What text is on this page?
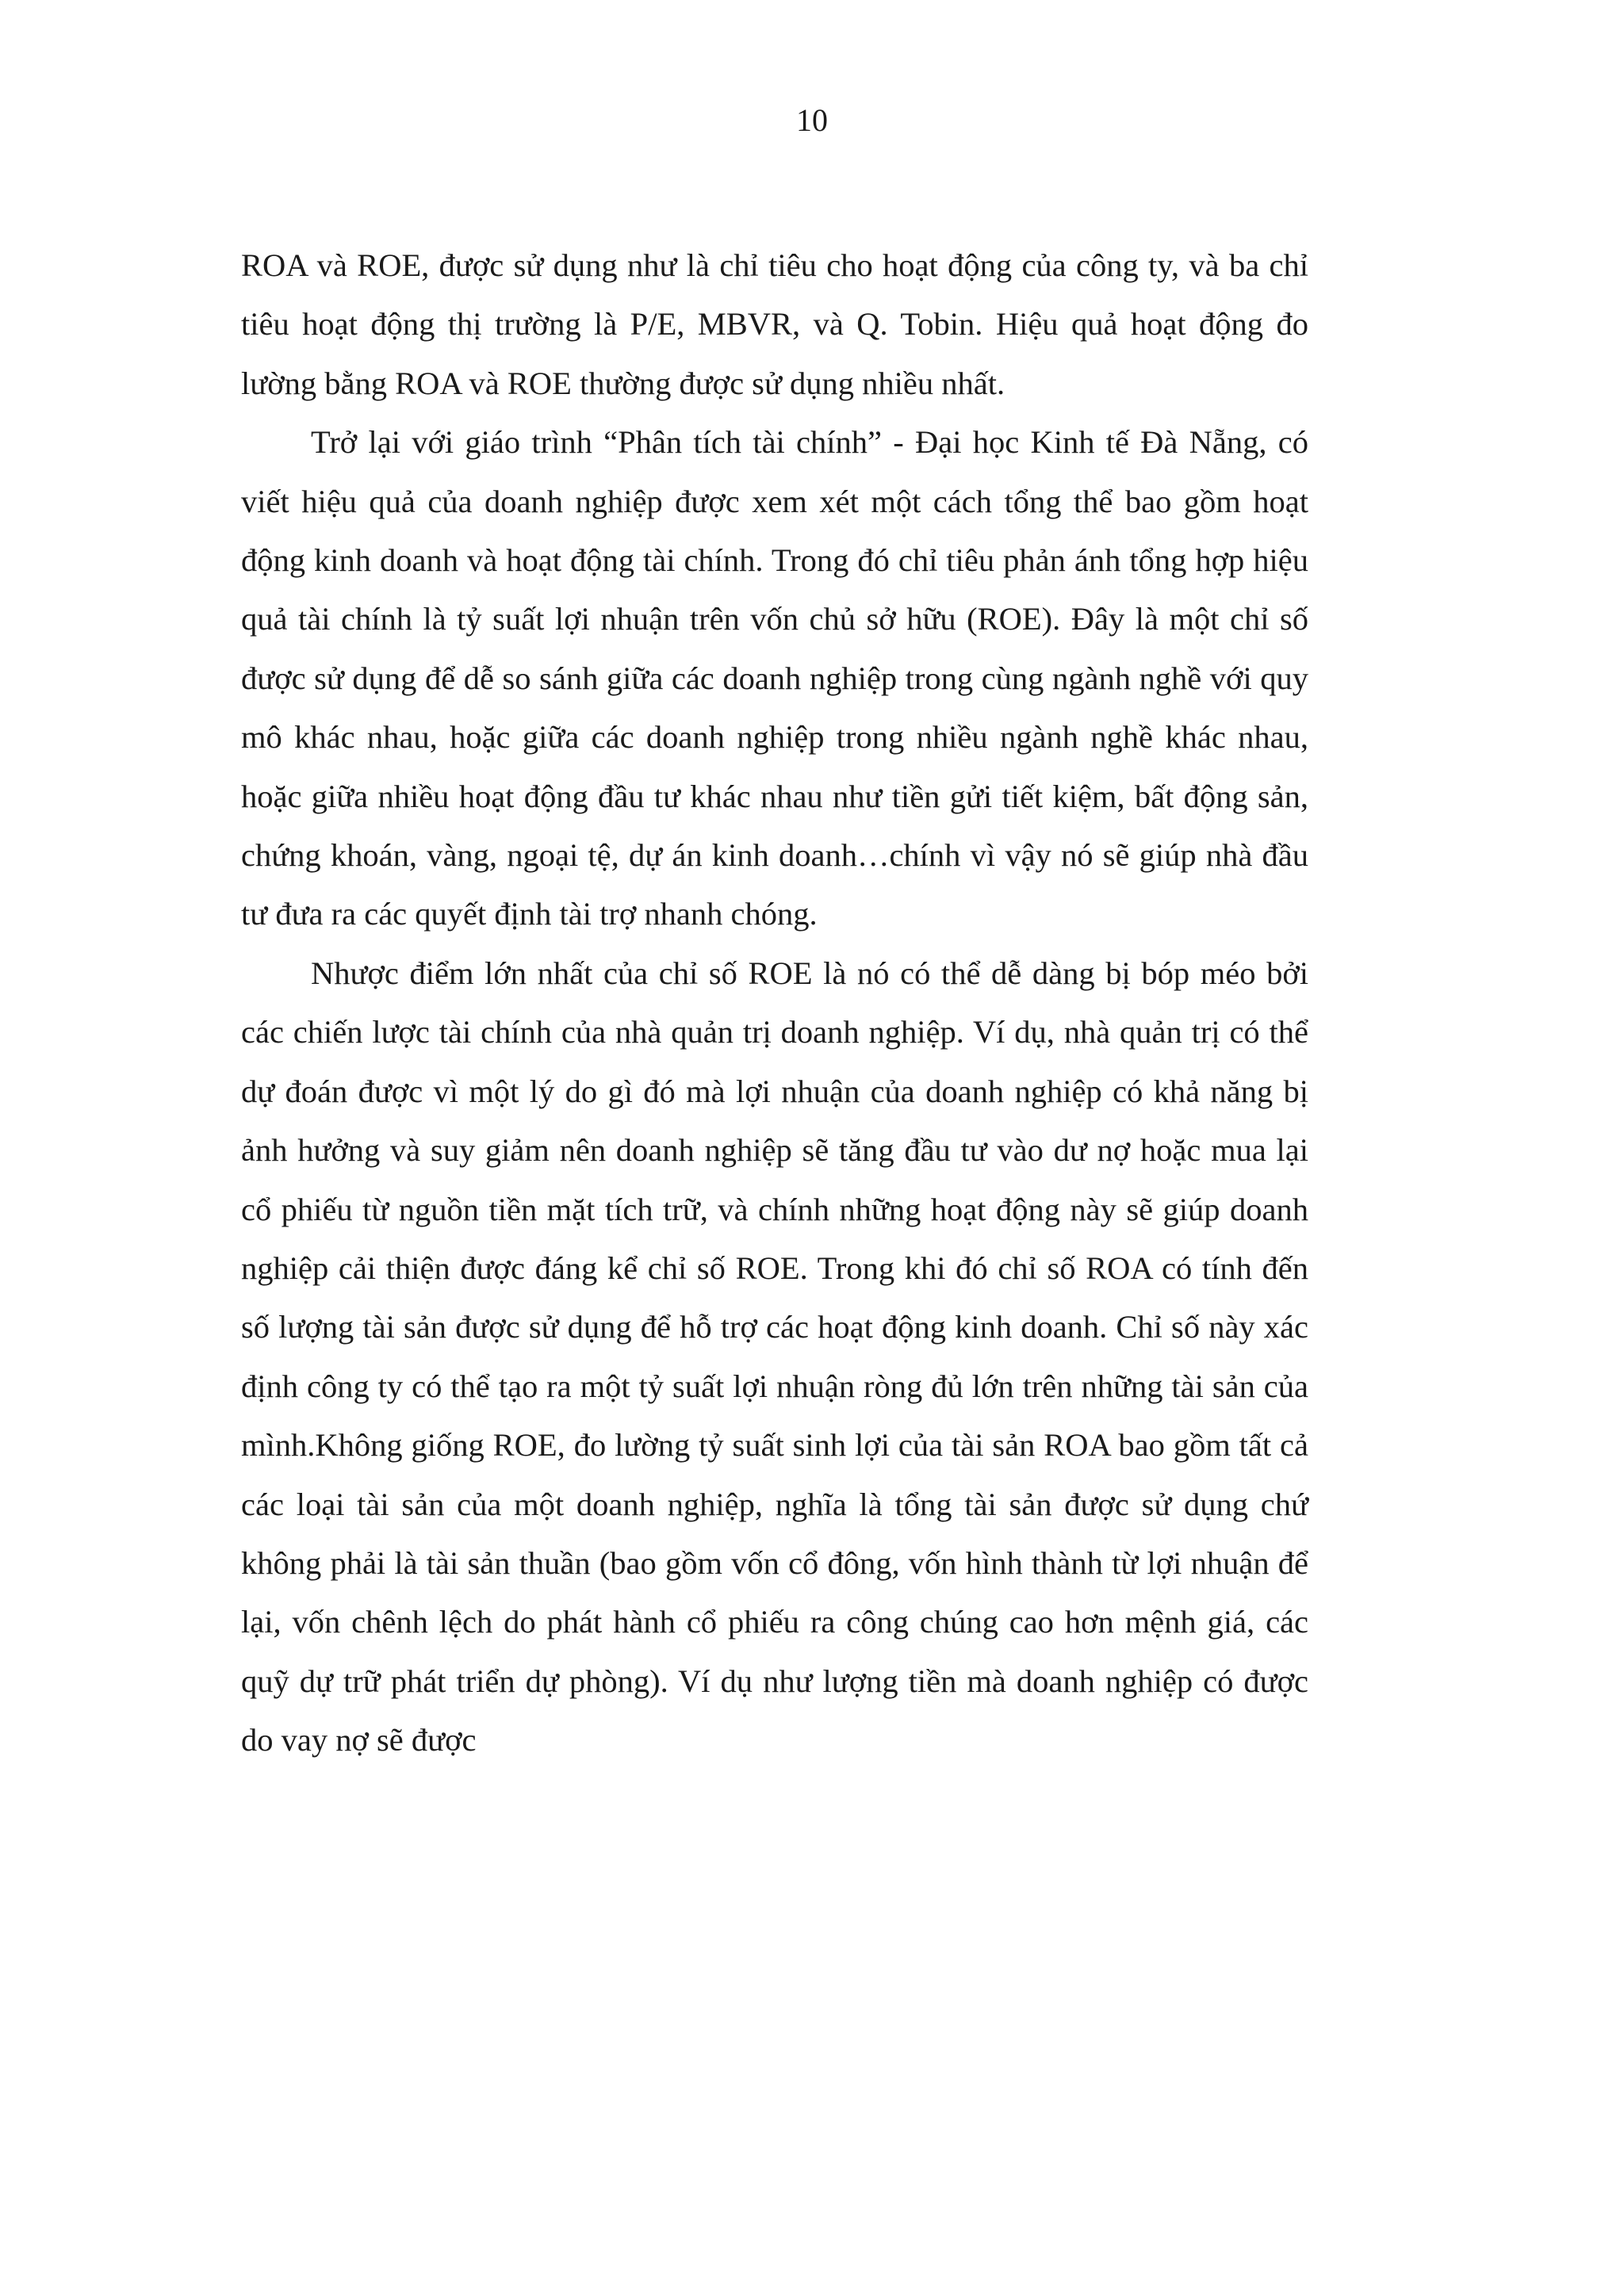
10

ROA và ROE, được sử dụng như là chỉ tiêu cho hoạt động của công ty, và ba chỉ tiêu hoạt động thị trường là P/E, MBVR, và Q. Tobin. Hiệu quả hoạt động đo lường bằng ROA và ROE thường được sử dụng nhiều nhất.

Trở lại với giáo trình “Phân tích tài chính” - Đại học Kinh tế Đà Nẵng, có viết hiệu quả của doanh nghiệp được xem xét một cách tổng thể bao gồm hoạt động kinh doanh và hoạt động tài chính. Trong đó chỉ tiêu phản ánh tổng hợp hiệu quả tài chính là tỷ suất lợi nhuận trên vốn chủ sở hữu (ROE). Đây là một chỉ số được sử dụng để dễ so sánh giữa các doanh nghiệp trong cùng ngành nghề với quy mô khác nhau, hoặc giữa các doanh nghiệp trong nhiều ngành nghề khác nhau, hoặc giữa nhiều hoạt động đầu tư khác nhau như tiền gửi tiết kiệm, bất động sản, chứng khoán, vàng, ngoại tệ, dự án kinh doanh…chính vì vậy nó sẽ giúp nhà đầu tư đưa ra các quyết định tài trợ nhanh chóng.

Nhược điểm lớn nhất của chỉ số ROE là nó có thể dễ dàng bị bóp méo bởi các chiến lược tài chính của nhà quản trị doanh nghiệp. Ví dụ, nhà quản trị có thể dự đoán được vì một lý do gì đó mà lợi nhuận của doanh nghiệp có khả năng bị ảnh hưởng và suy giảm nên doanh nghiệp sẽ tăng đầu tư vào dư nợ hoặc mua lại cổ phiếu từ nguồn tiền mặt tích trữ, và chính những hoạt động này sẽ giúp doanh nghiệp cải thiện được đáng kể chỉ số ROE. Trong khi đó chỉ số ROA có tính đến số lượng tài sản được sử dụng để hỗ trợ các hoạt động kinh doanh. Chỉ số này xác định công ty có thể tạo ra một tỷ suất lợi nhuận ròng đủ lớn trên những tài sản của mình.Không giống ROE, đo lường tỷ suất sinh lợi của tài sản ROA bao gồm tất cả các loại tài sản của một doanh nghiệp, nghĩa là tổng tài sản được sử dụng chứ không phải là tài sản thuần (bao gồm vốn cổ đông, vốn hình thành từ lợi nhuận để lại, vốn chênh lệch do phát hành cổ phiếu ra công chúng cao hơn mệnh giá, các quỹ dự trữ phát triển dự phòng). Ví dụ như lượng tiền mà doanh nghiệp có được do vay nợ sẽ được
